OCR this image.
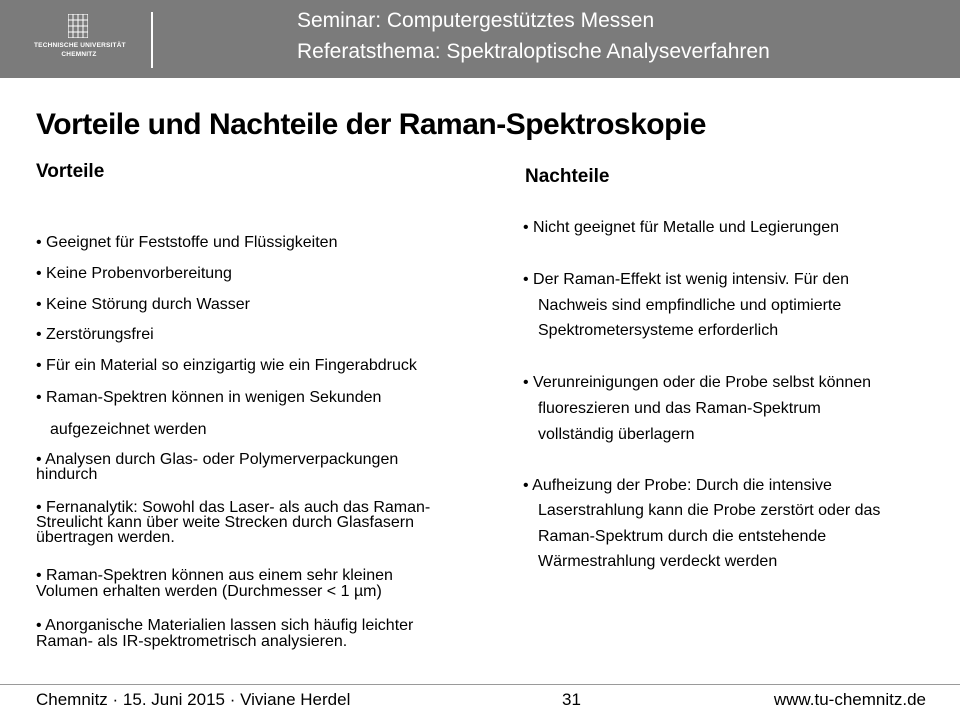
TECHNISCHE UNIVERSITÄT
CHEMNITZ
Seminar: Computergestütztes Messen
Referatsthema: Spektraloptische Analyseverfahren
Vorteile und Nachteile der Raman-Spektroskopie
Vorteile
• Geeignet für Feststoffe und Flüssigkeiten
• Keine Probenvorbereitung
• Keine Störung durch Wasser
• Zerstörungsfrei
• Für ein Material so einzigartig wie ein Fingerabdruck
• Raman-Spektren können in wenigen Sekunden
aufgezeichnet werden
• Analysen durch Glas- oder Polymerverpackungen
hindurch
• Fernanalytik: Sowohl das Laser- als auch das Raman-
Streulicht kann über weite Strecken durch Glasfasern
übertragen werden.
• Raman-Spektren können aus einem sehr kleinen
Volumen erhalten werden (Durchmesser < 1 µm)
• Anorganische Materialien lassen sich häufig leichter
Raman- als IR-spektrometrisch analysieren.
Nachteile
• Nicht geeignet für Metalle und Legierungen
• Der Raman-Effekt ist wenig intensiv. Für den
Nachweis sind empfindliche und optimierte
Spektrometersysteme erforderlich
• Verunreinigungen oder die Probe selbst können
fluoreszieren und das Raman-Spektrum
vollständig überlagern
• Aufheizung der Probe: Durch die intensive
Laserstrahlung kann die Probe zerstört oder das
Raman-Spektrum durch die entstehende
Wärmestrahlung verdeckt werden
Chemnitz · 15. Juni 2015 · Viviane Herdel	31	www.tu-chemnitz.de
